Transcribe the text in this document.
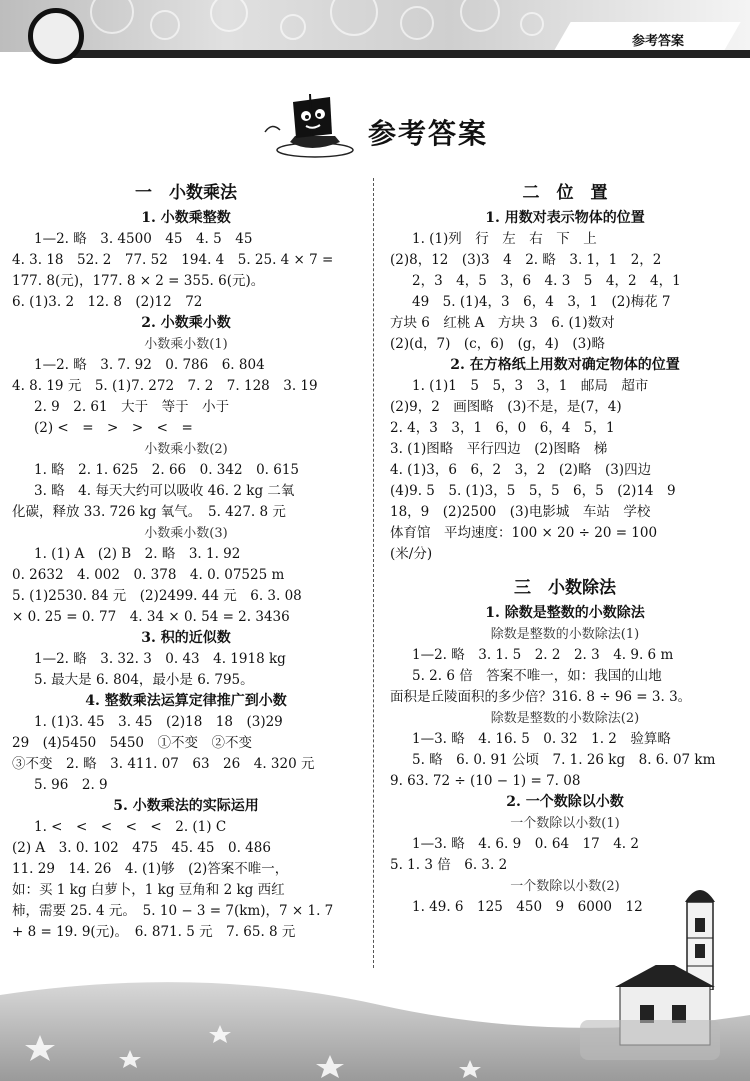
参考答案
参考答案
一　小数乘法
1. 小数乘整数
1—2. 略　3. 4500　45　4. 5　45
4. 3. 18　52. 2　77. 52　194. 4　5. 25. 4 × 7 =
177. 8(元)，177. 8 × 2 = 355. 6(元)。
6. (1)3. 2　12. 8　(2)12　72
2. 小数乘小数
小数乘小数(1)
1—2. 略　3. 7. 92　0. 786　6. 804
4. 8. 19 元　5. (1)7. 272　7. 2　7. 128　3. 19
2. 9　2. 61　大于　等于　小于
(2) <　=　>　>　<　=
小数乘小数(2)
1. 略　2. 1. 625　2. 66　0. 342　0. 615
3. 略　4. 每天大约可以吸收 46. 2 kg 二氧
化碳，释放 33. 726 kg 氧气。　5. 427. 8 元
小数乘小数(3)
1. (1) A　(2) B　2. 略　3. 1. 92
0. 2632　4. 002　0. 378　4. 0. 07525 m
5. (1)2530. 84 元　(2)2499. 44 元　6. 3. 08
× 0. 25 = 0. 77　4. 34 × 0. 54 = 2. 3436
3. 积的近似数
1—2. 略　3. 32. 3　0. 43　4. 1918 kg
5. 最大是 6. 804，最小是 6. 795。
4. 整数乘法运算定律推广到小数
1. (1)3. 45　3. 45　(2)18　18　(3)29
29　(4)5450　5450　①不变　②不变
③不变　2. 略　3. 411. 07　63　26　4. 320 元
5. 96　2. 9
5. 小数乘法的实际运用
1. <　<　<　<　<　2. (1) C
(2) A　3. 0. 102　475　45. 45　0. 486
11. 29　14. 26　4. (1)够　(2)答案不唯一，
如：买 1 kg 白萝卜，1 kg 豆角和 2 kg 西红
柿，需要 25. 4 元。　5. 10 − 3 = 7(km)，7 × 1. 7
+ 8 = 19. 9(元)。　6. 871. 5 元　7. 65. 8 元
二　位　置
1. 用数对表示物体的位置
1. (1)列　行　左　右　下　上
(2)8，12　(3)3　4　2. 略　3. 1，1　2，2
2，3　4，5　3，6　4. 3　5　4，2　4，1
49　5. (1)4，3　6，4　3，1　(2)梅花 7
方块 6　红桃 A　方块 3　6. (1)数对
(2)(d，7)　(c，6)　(g，4)　(3)略
2. 在方格纸上用数对确定物体的位置
1. (1)1　5　5，3　3，1　邮局　超市
(2)9，2　画图略　(3)不是，是(7，4)
2. 4，3　3，1　6，0　6，4　5，1
3. (1)图略　平行四边　(2)图略　梯
4. (1)3，6　6，2　3，2　(2)略　(3)四边
(4)9. 5　5. (1)3，5　5，5　6，5　(2)14　9
18，9　(2)2500　(3)电影城　车站　学校
体育馆　平均速度：100 × 20 ÷ 20 = 100
(米/分)
三　小数除法
1. 除数是整数的小数除法
除数是整数的小数除法(1)
1—2. 略　3. 1. 5　2. 2　2. 3　4. 9. 6 m
5. 2. 6 倍　答案不唯一，如：我国的山地
面积是丘陵面积的多少倍？316. 8 ÷ 96 = 3. 3。
除数是整数的小数除法(2)
1—3. 略　4. 16. 5　0. 32　1. 2　验算略
5. 略　6. 0. 91 公顷　7. 1. 26 kg　8. 6. 07 km
9. 63. 72 ÷ (10 − 1) = 7. 08
2. 一个数除以小数
一个数除以小数(1)
1—3. 略　4. 6. 9　0. 64　17　4. 2
5. 1. 3 倍　6. 3. 2
一个数除以小数(2)
1. 49. 6　125　450　9　6000　12
